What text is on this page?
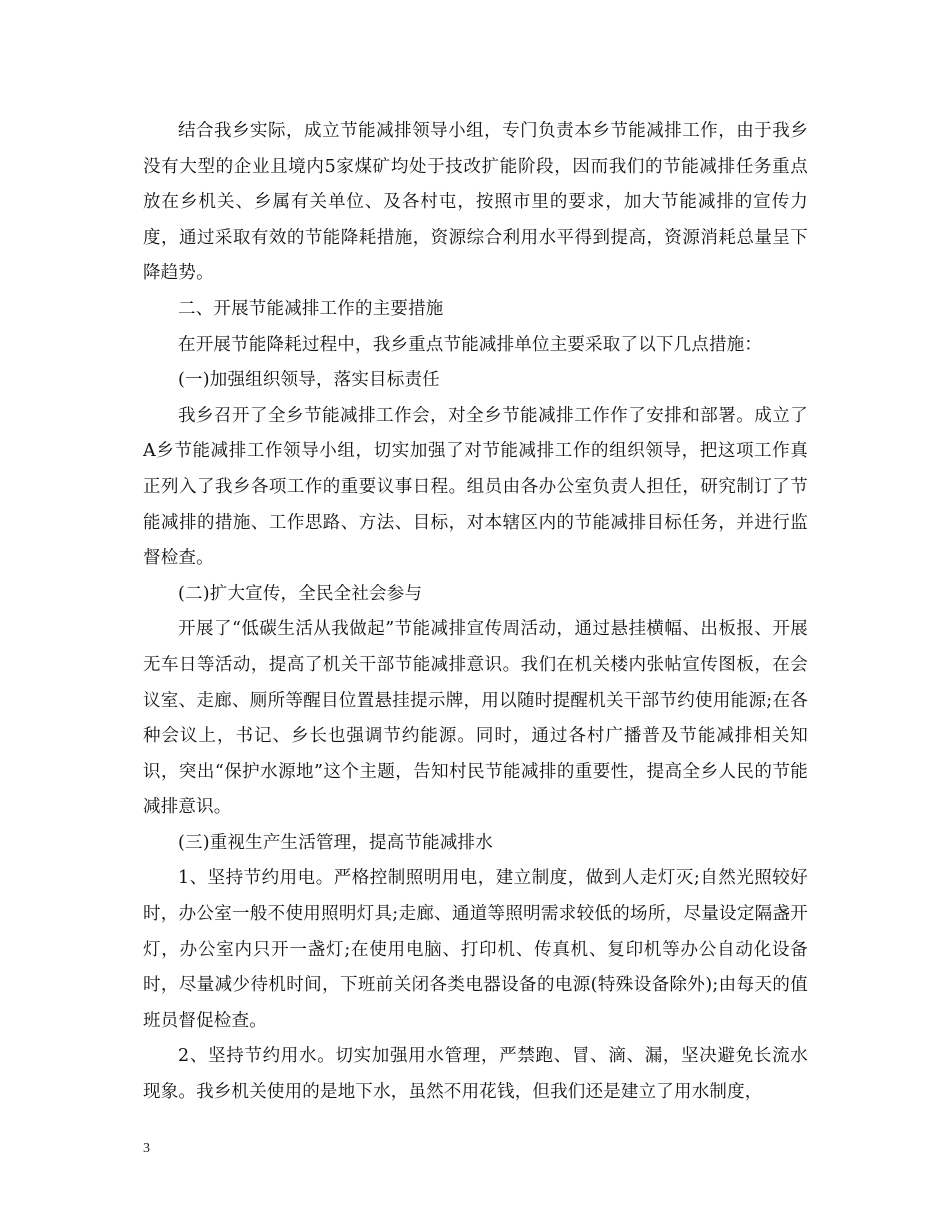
结合我乡实际，成立节能减排领导小组，专门负责本乡节能减排工作，由于我乡没有大型的企业且境内5家煤矿均处于技改扩能阶段，因而我们的节能减排任务重点放在乡机关、乡属有关单位、及各村屯，按照市里的要求，加大节能减排的宣传力度，通过采取有效的节能降耗措施，资源综合利用水平得到提高，资源消耗总量呈下降趋势。

二、开展节能减排工作的主要措施

在开展节能降耗过程中，我乡重点节能减排单位主要采取了以下几点措施：

(一)加强组织领导，落实目标责任

我乡召开了全乡节能减排工作会，对全乡节能减排工作作了安排和部署。成立了A乡节能减排工作领导小组，切实加强了对节能减排工作的组织领导，把这项工作真正列入了我乡各项工作的重要议事日程。组员由各办公室负责人担任，研究制订了节能减排的措施、工作思路、方法、目标，对本辖区内的节能减排目标任务，并进行监督检查。

(二)扩大宣传，全民全社会参与

开展了“低碳生活从我做起”节能减排宣传周活动，通过悬挂横幅、出板报、开展无车日等活动，提高了机关干部节能减排意识。我们在机关楼内张帖宣传图板，在会议室、走廊、厕所等醒目位置悬挂提示牌，用以随时提醒机关干部节约使用能源;在各种会议上，书记、乡长也强调节约能源。同时，通过各村广播普及节能减排相关知识，突出“保护水源地”这个主题，告知村民节能减排的重要性，提高全乡人民的节能减排意识。

(三)重视生产生活管理，提高节能减排水

1、坚持节约用电。严格控制照明用电，建立制度，做到人走灯灭;自然光照较好时，办公室一般不使用照明灯具;走廊、通道等照明需求较低的场所，尽量设定隔盏开灯，办公室内只开一盏灯;在使用电脑、打印机、传真机、复印机等办公自动化设备时，尽量减少待机时间，下班前关闭各类电器设备的电源(特殊设备除外);由每天的值班员督促检查。

2、坚持节约用水。切实加强用水管理，严禁跑、冒、滴、漏，坚决避免长流水现象。我乡机关使用的是地下水，虽然不用花钱，但我们还是建立了用水制度，

3
